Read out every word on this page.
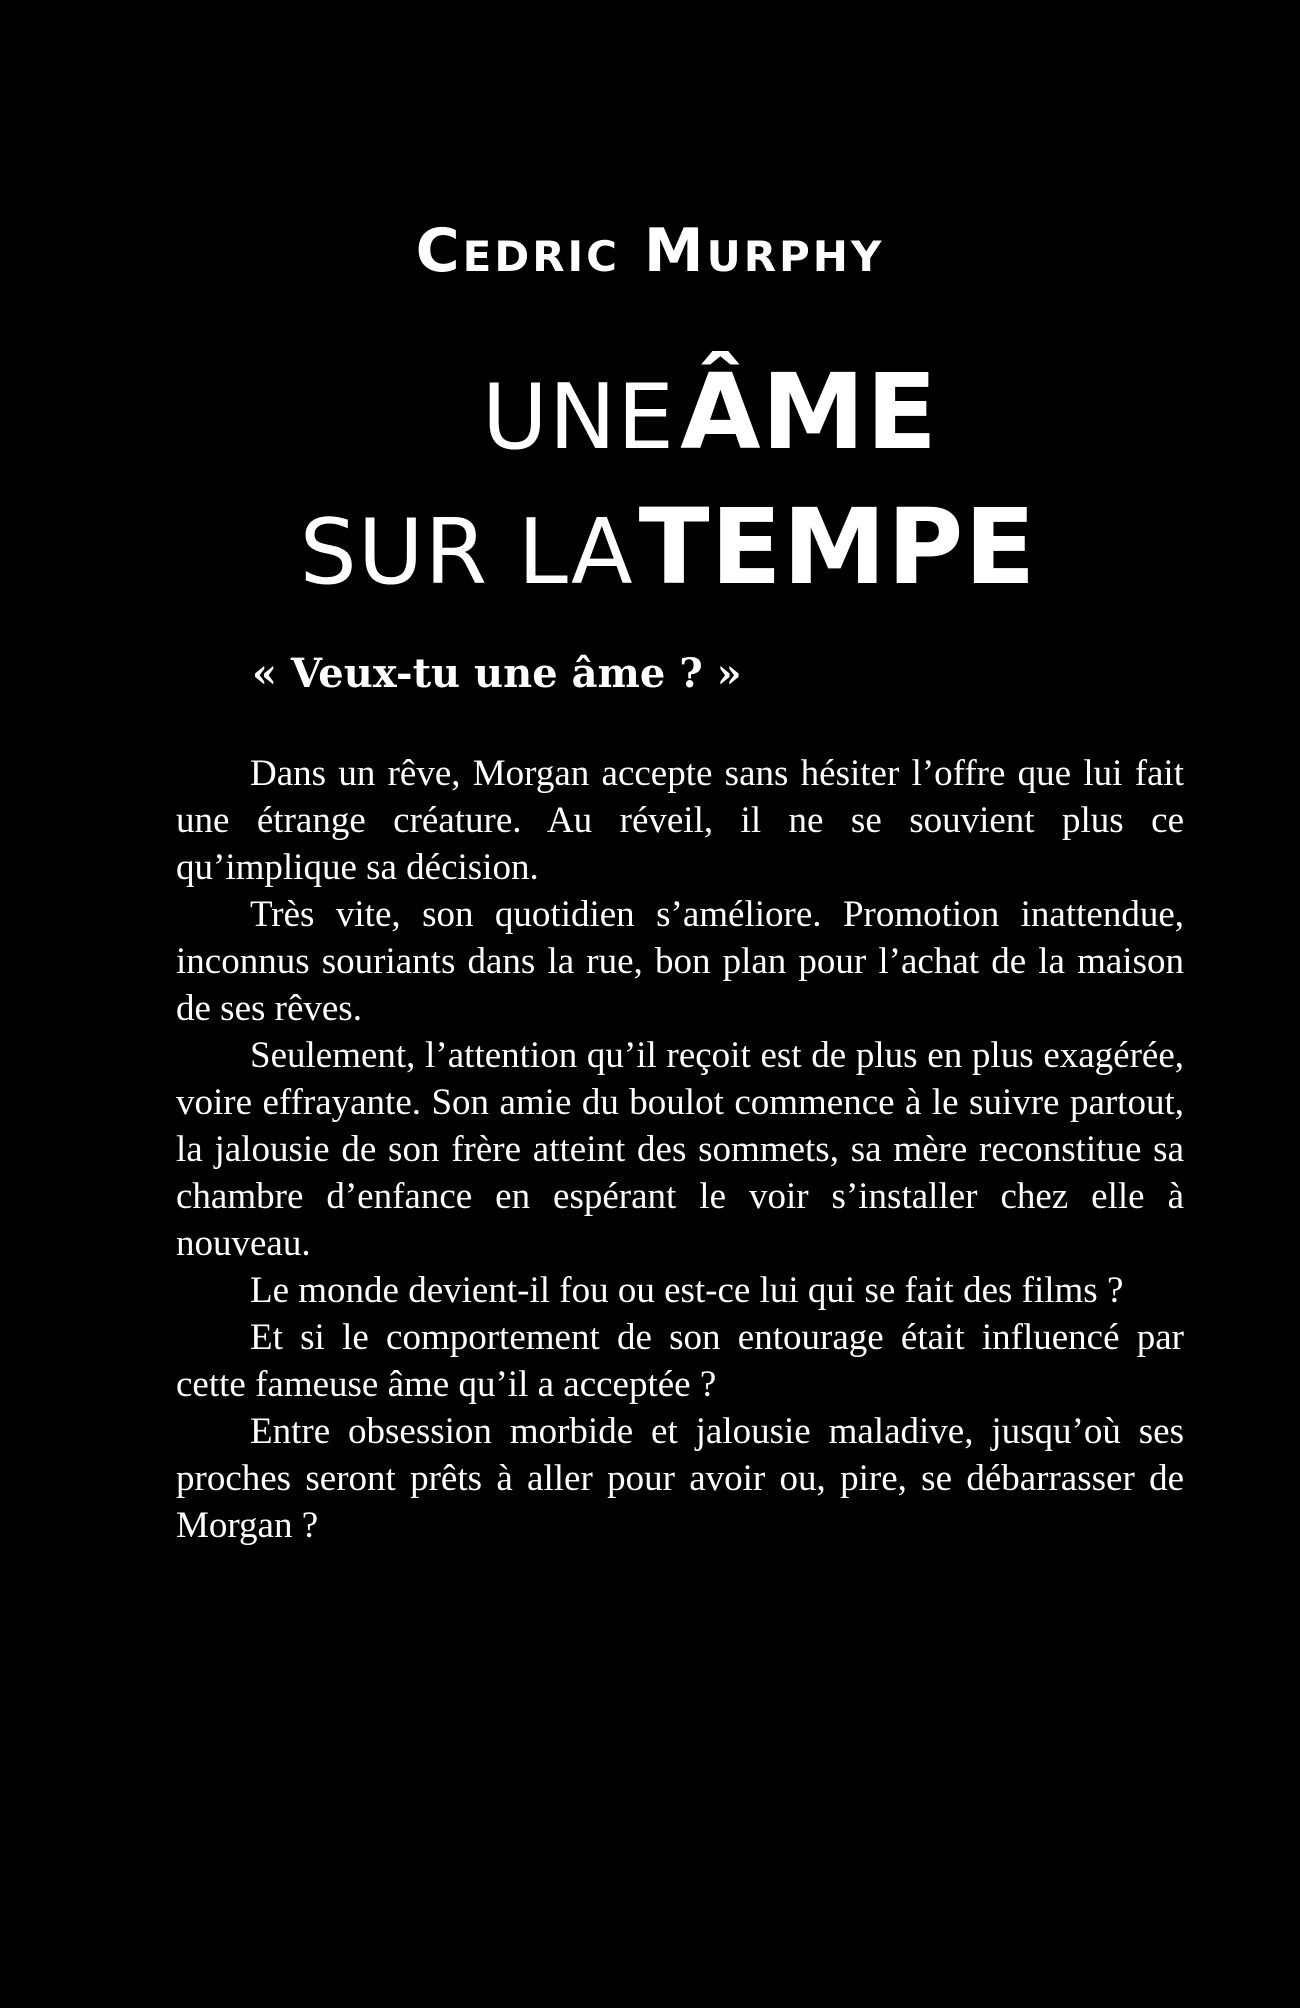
Cedric Murphy
UNE ÂME
SUR LA TEMPE
« Veux-tu une âme ? »

Dans un rêve, Morgan accepte sans hésiter l’offre que lui fait une étrange créature. Au réveil, il ne se souvient plus ce qu’implique sa décision.

Très vite, son quotidien s’améliore. Promotion inattendue, inconnus souriants dans la rue, bon plan pour l’achat de la maison de ses rêves.

Seulement, l’attention qu’il reçoit est de plus en plus exagérée, voire effrayante. Son amie du boulot commence à le suivre partout, la jalousie de son frère atteint des sommets, sa mère reconstitue sa chambre d’enfance en espérant le voir s’installer chez elle à nouveau.

Le monde devient-il fou ou est-ce lui qui se fait des films ?

Et si le comportement de son entourage était influencé par cette fameuse âme qu’il a acceptée ?

Entre obsession morbide et jalousie maladive, jusqu’où ses proches seront prêts à aller pour avoir ou, pire, se débarrasser de Morgan ?
